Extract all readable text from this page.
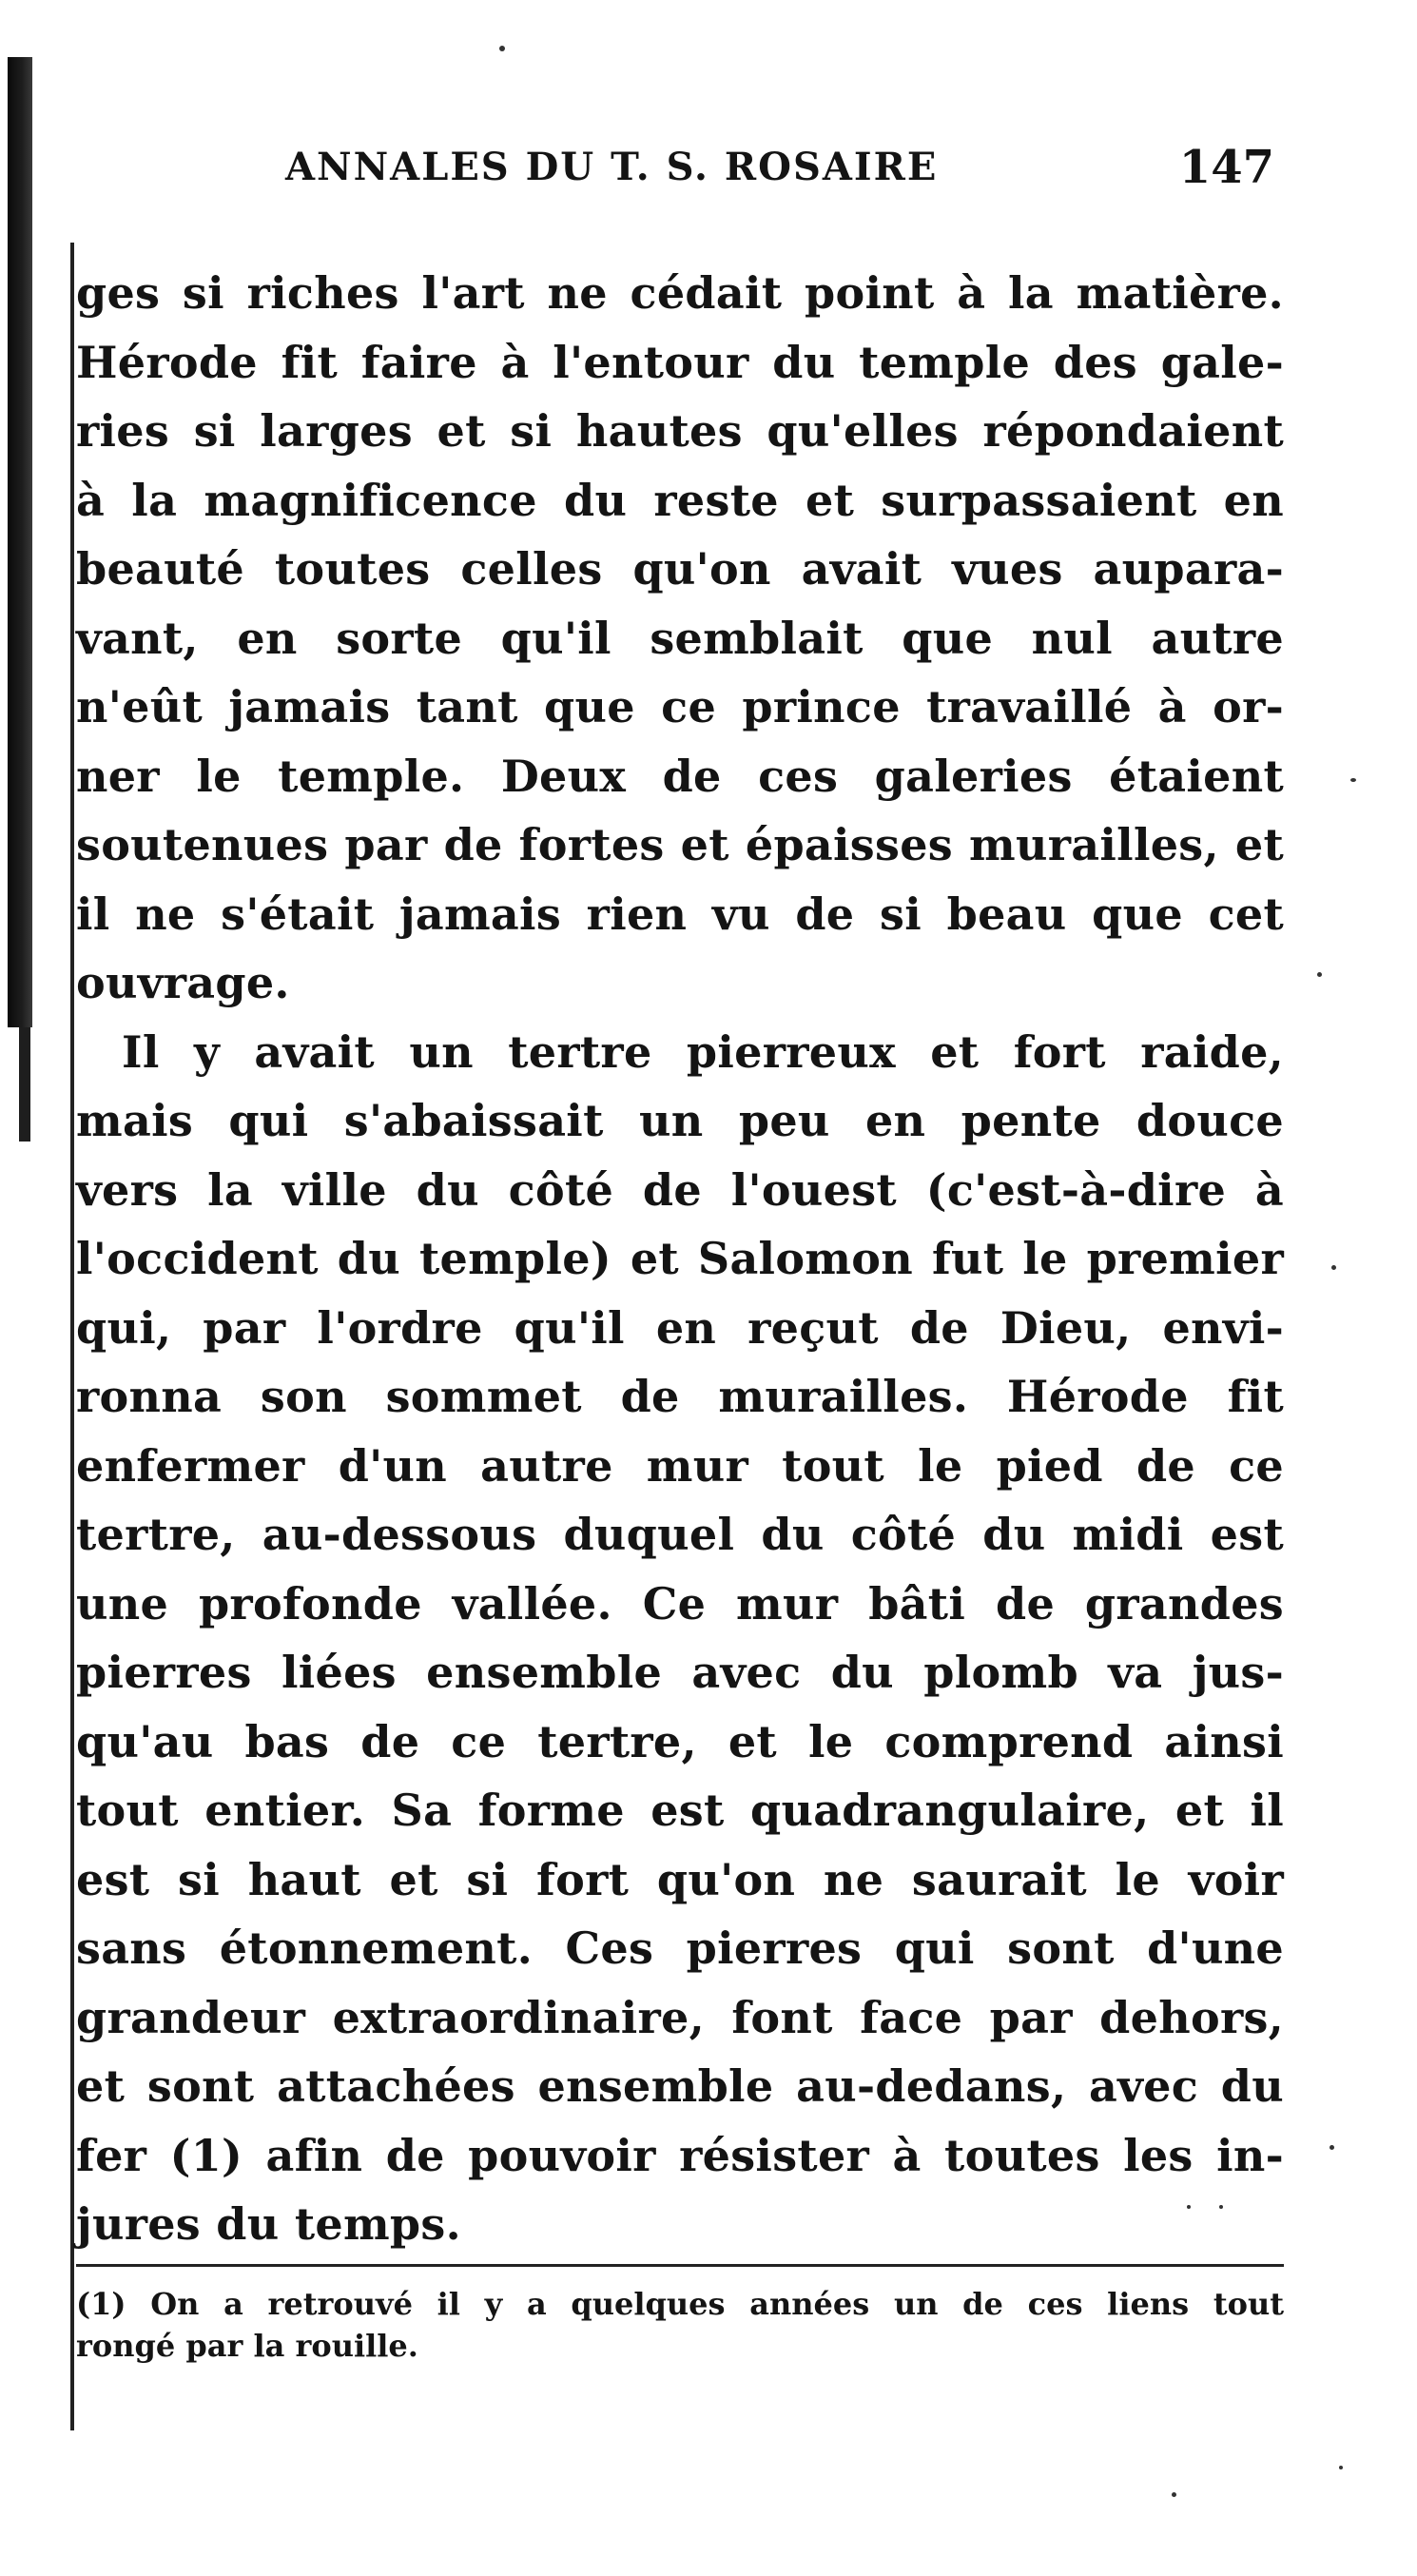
ANNALES DU T. S. ROSAIRE	147
ges si riches l'art ne cédait point à la matière.
Hérode fit faire à l'entour du temple des gale-
ries si larges et si hautes qu'elles répondaient
à la magnificence du reste et surpassaient en
beauté toutes celles qu'on avait vues aupara-
vant, en sorte qu'il semblait que nul autre
n'eût jamais tant que ce prince travaillé à or-
ner le temple. Deux de ces galeries étaient
soutenues par de fortes et épaisses murailles, et
il ne s'était jamais rien vu de si beau que cet
ouvrage.
Il y avait un tertre pierreux et fort raide,
mais qui s'abaissait un peu en pente douce
vers la ville du côté de l'ouest (c'est-à-dire à
l'occident du temple) et Salomon fut le premier
qui, par l'ordre qu'il en reçut de Dieu, envi-
ronna son sommet de murailles. Hérode fit
enfermer d'un autre mur tout le pied de ce
tertre, au-dessous duquel du côté du midi est
une profonde vallée. Ce mur bâti de grandes
pierres liées ensemble avec du plomb va jus-
qu'au bas de ce tertre, et le comprend ainsi
tout entier. Sa forme est quadrangulaire, et il
est si haut et si fort qu'on ne saurait le voir
sans étonnement. Ces pierres qui sont d'une
grandeur extraordinaire, font face par dehors,
et sont attachées ensemble au-dedans, avec du
fer (1) afin de pouvoir résister à toutes les in-
jures du temps.
(1) On a retrouvé il y a quelques années un de ces liens tout
rongé par la rouille.
